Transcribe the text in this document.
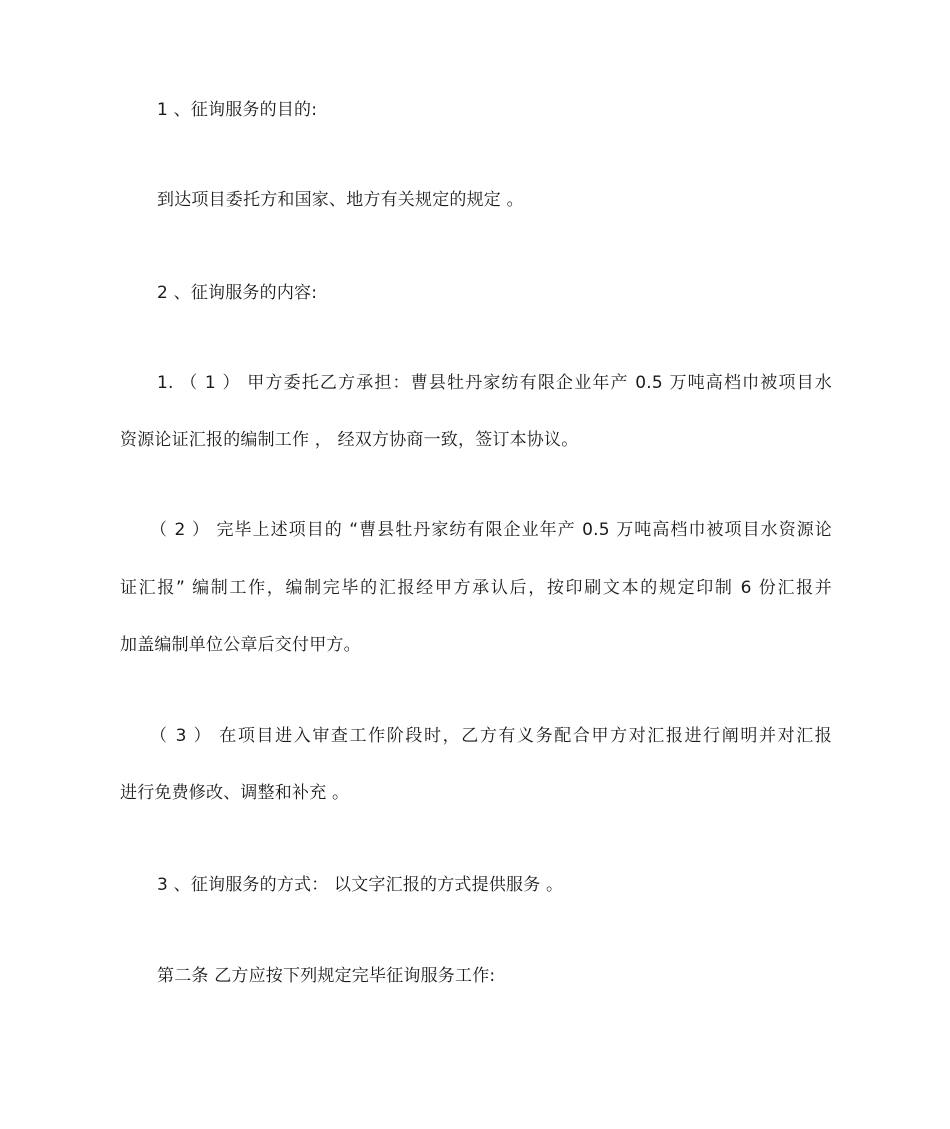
1 、征询服务的目的:
到达项目委托方和国家、地方有关规定的规定 。
2 、征询服务的内容:
1. （ 1 ） 甲方委托乙方承担：曹县牡丹家纺有限企业年产 0.5 万吨高档巾被项目水
资源论证汇报的编制工作 ， 经双方协商一致，签订本协议。
（ 2 ） 完毕上述项目的 “曹县牡丹家纺有限企业年产 0.5 万吨高档巾被项目水资源论
证汇报” 编制工作，编制完毕的汇报经甲方承认后，按印刷文本的规定印制 6 份汇报并
加盖编制单位公章后交付甲方。
（ 3 ） 在项目进入审查工作阶段时，乙方有义务配合甲方对汇报进行阐明并对汇报
进行免费修改、调整和补充 。
3 、征询服务的方式： 以文字汇报的方式提供服务 。
第二条 乙方应按下列规定完毕征询服务工作:
